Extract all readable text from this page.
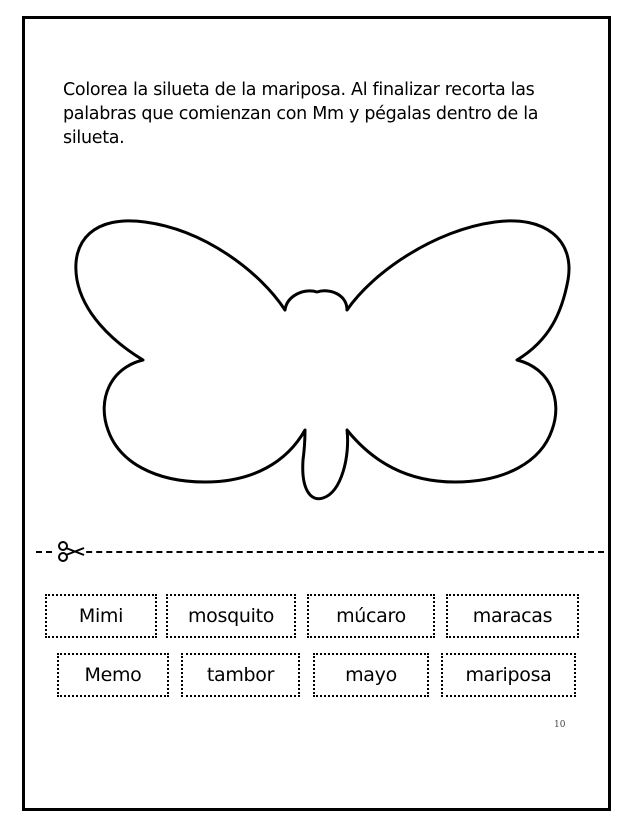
Colorea la silueta de la mariposa. Al finalizar recorta las palabras que comienzan con Mm y pégalas dentro de la silueta.
Mimi	mosquito	múcaro	maracas
Memo	tambor	mayo	mariposa
10
